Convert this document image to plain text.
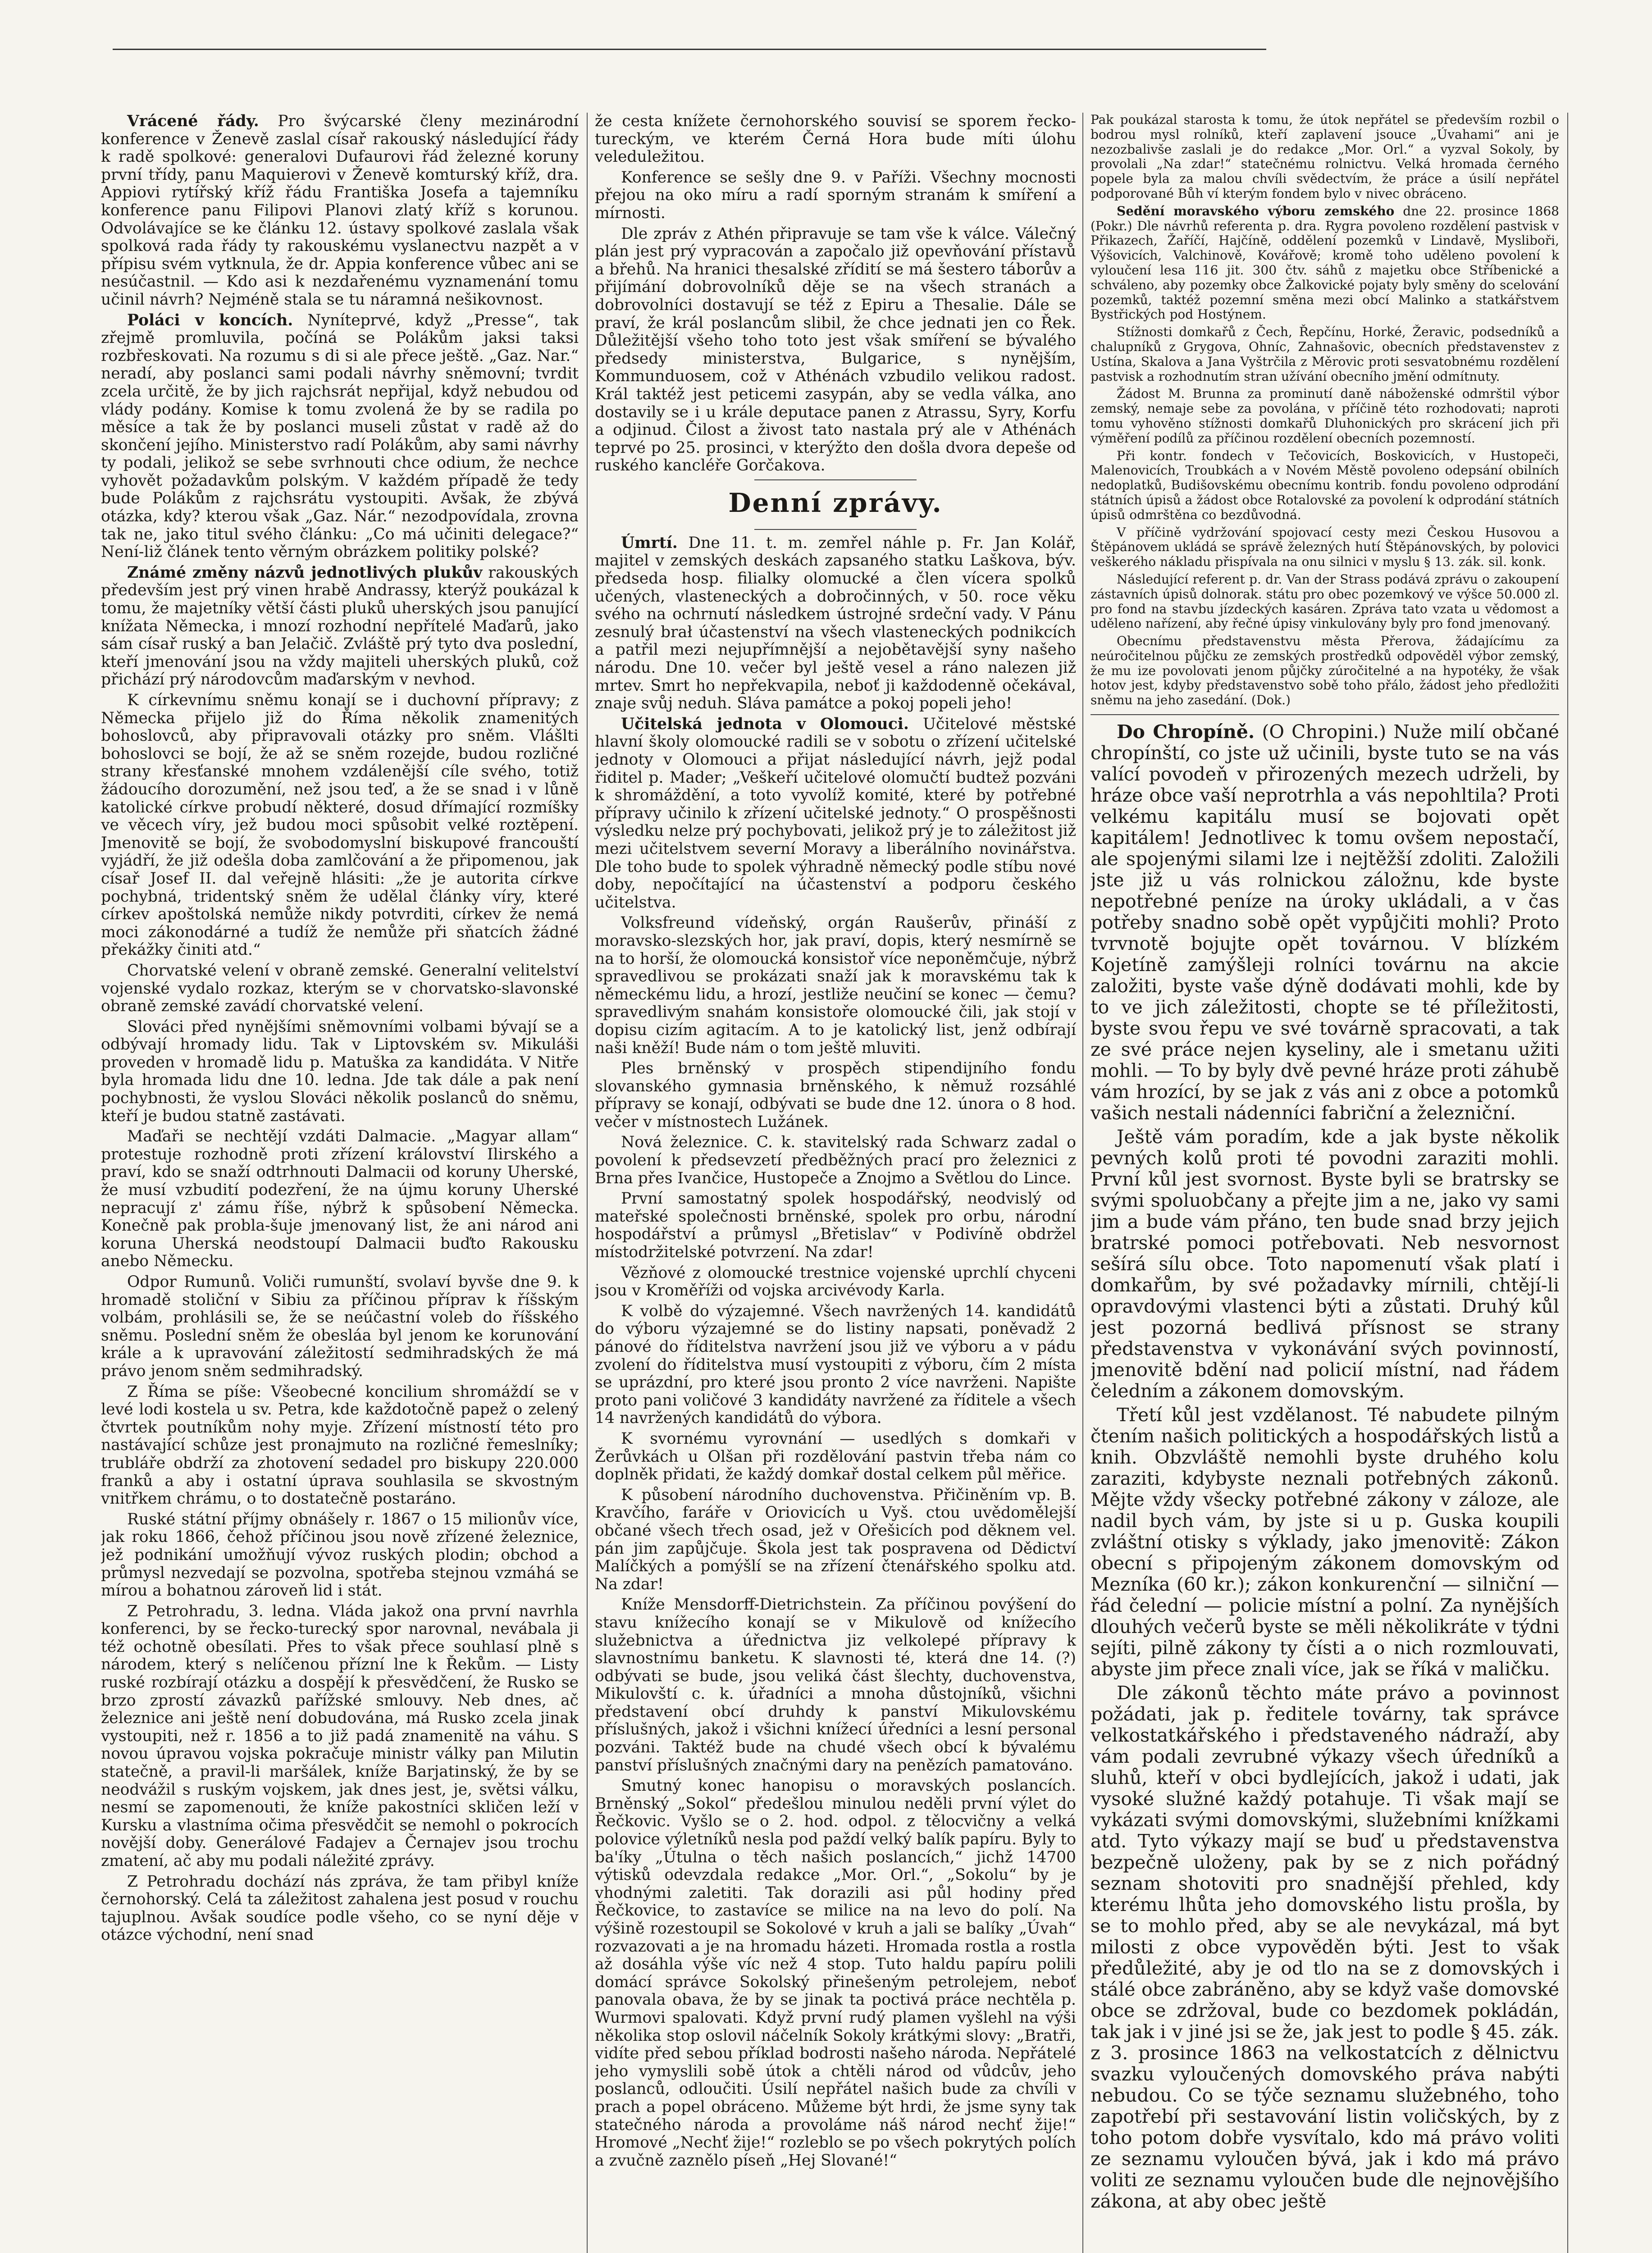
Vrácené řády. Pro švýcarské členy mezinárodní konference v Ženevě zaslal císař rakouský následující řády k radě spolkové: generalovi Dufaurovi řád železné koruny první třídy, panu Maquierovi v Ženevě komturský kříž, dra. Appiovi rytířský kříž řádu Františka Josefa a tajemníku konference panu Filipovi Planovi zlatý kříž s korunou. Odvolávajíce se ke článku 12. ústavy spolkové zaslala však spolková rada řády ty rakouskému vyslanectvu nazpět a v přípisu svém vytknula, že dr. Appia konference vůbec ani se nesúčastnil. — Kdo asi k nezdařenému vyznamenání tomu učinil návrh? Nejméně stala se tu náramná nešikovnost.

Poláci v koncích. Nyníteprvé, když „Presse“, tak zřejmě promluvila, počíná se Polákům jaksi taksi rozbřeskovati. Na rozumu s di si ale přece ještě. „Gaz. Nar.“ neradí, aby poslanci sami podali návrhy sněmovní; tvrdit zcela určitě, že by jich rajchsrát nepřijal, když nebudou od vlády podány. Komise k tomu zvolená že by se radila po měsíce a tak že by poslanci museli zůstat v radě až do skončení jejího. Ministerstvo radí Polákům, aby sami návrhy ty podali, jelikož se sebe svrhnouti chce odium, že nechce vyhovět požadavkům polským. V každém případě že tedy bude Polákům z rajchsrátu vystoupiti. Avšak, že zbývá otázka, kdy? kterou však „Gaz. Nár.“ nezodpovídala, zrovna tak ne, jako titul svého článku: „Co má učiniti delegace?“ Není-liž článek tento věrným obrázkem politiky polské?

Známé změny názvů jednotlivých plukův rakouských především jest prý vinen hrabě Andrassy, kterýž poukázal k tomu, že majetníky větší části pluků uherských jsou panující knížata Německa, i mnozí rozhodní nepřítelé Maďarů, jako sám císař ruský a ban Jelačič. Zvláště prý tyto dva poslední, kteří jmenování jsou na vždy majiteli uherských pluků, což přichází prý národovcům maďarským v nevhod.

K církevnímu sněmu konají se i duchovní přípravy; z Německa přijelo již do Říma několik znamenitých bohoslovců, aby připravovali otázky pro sněm. Vlášlti bohoslovci se bojí, že až se sněm rozejde, budou rozličné strany křesťanské mnohem vzdálenější cíle svého, totiž žádoucího dorozumění, než jsou teď, a že se snad i v lůně katolické církve probudí některé, dosud dřímající rozmíšky ve věcech víry, jež budou moci spůsobit velké roztěpení. Jmenovitě se bojí, že svobodomyslní biskupové francouští vyjádří, že již odešla doba zamlčování a že připomenou, jak císař Josef II. dal veřejně hlásiti: „že je autorita církve pochybná, tridentský sněm že udělal články víry, které církev apoštolská nemůže nikdy potvrditi, církev že nemá moci zákonodárné a tudíž že nemůže při sňatcích žádné překážky činiti atd.“

Chorvatské velení v obraně zemské. Generalní velitelství vojenské vydalo rozkaz, kterým se v chorvatsko-slavonské obraně zemské zavádí chorvatské velení.

Slováci před nynějšími sněmovními volbami bývají se a odbývají hromady lidu. Tak v Liptovském sv. Mikuláši proveden v hromadě lidu p. Matuška za kandidáta. V Nitře byla hromada lidu dne 10. ledna. Jde tak dále a pak není pochybnosti, že vyslou Slováci několik poslanců do sněmu, kteří je budou statně zastávati.

Maďaři se nechtějí vzdáti Dalmacie. „Magyar allam“ protestuje rozhodně proti zřízení království Ilirského a praví, kdo se snaží odtrhnouti Dalmacii od koruny Uherské, že musí vzbudití podezření, že na újmu koruny Uherské nepracují z' zámu říše, nýbrž k spůsobení Německa. Konečně pak probla-šuje jmenovaný list, že ani národ ani koruna Uherská neodstoupí Dalmacii buďto Rakousku anebo Německu.

Odpor Rumunů. Voliči rumunští, svolaví byvše dne 9. k hromadě stoliční v Sibiu za příčinou příprav k říšským volbám, prohlásili se, že se neúčastní voleb do říšského sněmu. Poslední sněm že obesláa byl jenom ke korunování krále a k upravování záležitostí sedmihradských že má právo jenom sněm sedmihradský.

Z Říma se píše: Všeobecné koncilium shromáždí se v levé lodi kostela u sv. Petra, kde každotočně papež o zelený čtvrtek poutníkům nohy myje. Zřízení místností této pro nastávající schůze jest pronajmuto na rozličné řemeslníky; trubláře obdrží za zhotovení sedadel pro biskupy 220.000 franků a aby i ostatní úprava souhlasila se skvostným vnitřkem chrámu, o to dostatečně postaráno.

Ruské státní příjmy obnášely r. 1867 o 15 milionův více, jak roku 1866, čehož příčinou jsou nově zřízené železnice, jež podnikání umožňují vývoz ruských plodin; obchod a průmysl nezvedají se pozvolna, spotřeba stejnou vzmáhá se mírou a bohatnou zároveň lid i stát.

Z Petrohradu, 3. ledna. Vláda jakož ona první navrhla konferenci, by se řecko-turecký spor narovnal, nevábala ji též ochotně obesílati. Přes to však přece souhlasí plně s národem, který s nelíčenou přízní lne k Řekům. — Listy ruské rozbírají otázku a dospějí k přesvědčení, že Rusko se brzo zprostí závazků pařížské smlouvy. Neb dnes, ač železnice ani ještě není dobudována, má Rusko zcela jinak vystoupiti, než r. 1856 a to již padá znamenitě na váhu. S novou úpravou vojska pokračuje ministr války pan Milutin statečně, a pravil-li maršálek, kníže Barjatinský, že by se neodvážil s ruským vojskem, jak dnes jest, je, světsi válku, nesmí se zapomenouti, že kníže pakostníci skličen leží v Kursku a vlastníma očima přesvědčit se nemohl o pokrocích novější doby. Generálové Fadajev a Černajev jsou trochu zmatení, ač aby mu podali náležité zprávy.

Z Petrohradu dochází nás zpráva, že tam přibyl kníže černohorský. Celá ta záležitost zahalena jest posud v rouchu tajuplnou. Avšak soudíce podle všeho, co se nyní děje v otázce východní, není snad

že cesta knížete černohorského souvisí se sporem řecko-tureckým, ve kterém Černá Hora bude míti úlohu veleduležitou.

Konference se sešly dne 9. v Paříži. Všechny mocnosti přejou na oko míru a radí sporným stranám k smíření a mírnosti.

Dle zpráv z Athén připravuje se tam vše k válce. Válečný plán jest prý vypracován a započalo již opevňování přístavů a břehů. Na hranici thesalské zřídití se má šestero táborův a přijímání dobrovolníků děje se na všech stranách a dobrovolníci dostavují se též z Epiru a Thesalie. Dále se praví, že král poslancům slibil, že chce jednati jen co Řek. Důležitější všeho toho toto jest však smíření se bývalého předsedy ministerstva, Bulgarice, s nynějším, Kommunduosem, což v Athénách vzbudilo velikou radost. Král taktéž jest peticemi zasypán, aby se vedla válka, ano dostavily se i u krále deputace panen z Atrassu, Syry, Korfu a odjinud. Čilost a živost tato nastala prý ale v Athénách teprvé po 25. prosinci, v kterýžto den došla dvora depeše od ruského kancléře Gorčakova.

Denní zprávy.

Úmrtí. Dne 11. t. m. zemřel náhle p. Fr. Jan Kolář, majitel v zemských deskách zapsaného statku Laškova, býv. předseda hosp. filialky olomucké a člen vícera spolků učených, vlasteneckých a dobročinných, v 50. roce věku svého na ochrnutí následkem ústrojné srdeční vady. V Pánu zesnulý brał účastenství na všech vlasteneckých podnikcích a patřil mezi nejupřímnější a nejobětavější syny našeho národu. Dne 10. večer byl ještě vesel a ráno nalezen již mrtev. Smrt ho nepřekvapila, neboť ji každodenně očekával, znaje svůj neduh. Sláva památce a pokoj popeli jeho!

Učitelská jednota v Olomouci. Učitelové městské hlavní školy olomoucké radili se v sobotu o zřízení učitelské jednoty v Olomouci a přijat následující návrh, jejž podal řiditel p. Mader; „Veškeří učitelové olomučtí budtež pozváni k shromáždění, a toto vyvolíž komité, které by potřebné přípravy učinilo k zřízení učitelské jednoty.“ O prospěšnosti výsledku nelze prý pochybovati, jelikož prý je to záležitost již mezi učitelstvem severní Moravy a liberálního novinářstva. Dle toho bude to spolek výhradně německý podle stíbu nové doby, nepočítající na účastenství a podporu českého učitelstva.

Volksfreund vídeňský, orgán Raušerův, přináší z moravsko-slezských hor, jak praví, dopis, který nesmírně se na to horší, že olomoucká konsistoř více neponěmčuje, nýbrž spravedlivou se prokázati snaží jak k moravskému tak k německému lidu, a hrozí, jestliže neučiní se konec — čemu? spravedlivým snahám konsistoře olomoucké čili, jak stojí v dopisu cizím agitacím. A to je katolický list, jenž odbírají naši kněží! Bude nám o tom ještě mluviti.

Ples brněnský v prospěch stipendijního fondu slovanského gymnasia brněnského, k němuž rozsáhlé přípravy se konají, odbývati se bude dne 12. února o 8 hod. večer v místnostech Lužánek.

Nová železnice. C. k. stavitelský rada Schwarz zadal o povolení k předsevzetí předběžných prací pro železnici z Brna přes Ivančice, Hustopeče a Znojmo a Světlou do Lince.

První samostatný spolek hospodářský, neodvislý od mateřské společnosti brněnské, spolek pro orbu, národní hospodářství a průmysl „Břetislav“ v Podivíně obdržel místodržitelské potvrzení. Na zdar!

Vězňové z olomoucké trestnice vojenské uprchlí chyceni jsou v Kroměříži od vojska arcivévody Karla.

K volbě do výzajemné. Všech navržených 14. kandidátů do výboru výzajemné se do listiny napsati, poněvadž 2 pánové do říditelstva navržení jsou již ve výboru a v pádu zvolení do říditelstva musí vystoupiti z výboru, čím 2 místa se uprázdní, pro které jsou pronto 2 více navrženi. Napište proto pani voličové 3 kandidáty navržené za říditele a všech 14 navržených kandidátů do výbora.

K svornému vyrovnání — usedlých s domkaři v Žerůvkách u Olšan při rozdělování pastvin třeba nám co doplněk přidati, že každý domkař dostal celkem půl měřice.

K působení národního duchovenstva. Přičiněním vp. B. Kravčího, faráře v Oriovicích u Vyš. ctou uvědomělejší občané všech třech osad, jež v Ořešicích pod děknem vel. pán jim zapůjčuje. Škola jest tak pospravena od Dědictví Malíčkých a pomýšlí se na zřízení čtenářského spolku atd. Na zdar!

Kníže Mensdorff-Dietrichstein. Za příčinou povýšení do stavu knížecího konají se v Mikulově od knížecího služebnictva a úřednictva jiz velkolepé přípravy k slavnostnímu banketu. K slavnosti té, která dne 14. (?) odbývati se bude, jsou veliká část šlechty, duchovenstva, Mikulovští c. k. úřadníci a mnoha důstojníků, všichni představení obcí druhdy k panství Mikulovskému příslušných, jakož i všichni knížecí úředníci a lesní personal pozváni. Taktéž bude na chudé všech obcí k bývalému panství příslušných značnými dary na penězích pamatováno.

Smutný konec hanopisu o moravských poslancích. Brněnský „Sokol“ předešlou minulou neděli první výlet do Řečkovic. Vyšlo se o 2. hod. odpol. z tělocvičny a velká polovice výletníků nesla pod paždí velký balík papíru. Byly to ba'íky „Útulna o těch našich poslancích,“ jichž 14700 výtisků odevzdala redakce „Mor. Orl.“, „Sokolu“ by je vhodnými zaletiti. Tak dorazili asi půl hodiny před Řečkovice, to zastavíce se milice na na levo do polí. Na výšině rozestoupil se Sokolové v kruh a jali se balíky „Úvah“ rozvazovati a je na hromadu házeti. Hromada rostla a rostla až dosáhla výše víc než 4 stop. Tuto haldu papíru polili domácí správce Sokolský přinešeným petrolejem, neboť panovala obava, že by se jinak ta poctivá práce nechtěla p. Wurmovi spalovati. Když první rudý plamen vyšlehl na výši několika stop oslovil náčelník Sokoly krátkými slovy: „Bratři, vidíte před sebou příklad bodrosti našeho národa. Nepřátelé jeho vymyslili sobě útok a chtěli národ od vůdcův, jeho poslanců, odloučiti. Úsilí nepřátel našich bude za chvíli v prach a popel obráceno. Můžeme být hrdi, že jsme syny tak statečného národa a provoláme náš národ nechť žije!“ Hromové „Nechť žije!“ rozleblo se po všech pokrytých polích a zvučně zaznělo píseň „Hej Slované!“

Pak poukázal starosta k tomu, že útok nepřátel se především rozbil o bodrou mysl rolníků, kteří zaplavení jsouce „Úvahami“ ani je nezozbalivše zaslali je do redakce „Mor. Orl.“ a vyzval Sokoly, by provolali „Na zdar!“ statečnému rolnictvu. Velká hromada černého popele byla za malou chvíli svědectvím, že práce a úsilí nepřátel podporované Bůh ví kterým fondem bylo v nivec obráceno.

Sedění moravského výboru zemského dne 22. prosince 1868 (Pokr.) Dle návrhů referenta p. dra. Rygra povoleno rozdělení pastvisk v Přikazech, Žaříčí, Hajčíně, oddělení pozemků v Lindavě, Mysliboři, Výšovicích, Valchinově, Kovářově; kromě toho uděleno povolení k vyloučení lesa 116 jit. 300 čtv. sáhů z majetku obce Stříbenické a schváleno, aby pozemky obce Žalkovické pojaty byly směny do scelování pozemků, taktéž pozemní směna mezi obcí Malinko a statkářstvem Bystřických pod Hostýnem.

Stížnosti domkařů z Čech, Řepčínu, Horké, Žeravic, podsedníků a chalupníků z Grygova, Ohníc, Zahnašovic, obecních představenstev z Ustína, Skalova a Jana Vyštrčila z Měrovic proti sesvatobnému rozdělení pastvisk a rozhodnutím stran užívání obecního jmění odmítnuty.

Žádost M. Brunna za prominutí daně náboženské odmrštil výbor zemský, nemaje sebe za povolána, v příčině této rozhodovati; naproti tomu vyhověno stížnosti domkařů Dluhonických pro skrácení jich při výměření podílů za příčinou rozdělení obecních pozemností.

Při kontr. fondech v Tečovicích, Boskovicích, v Hustopeči, Malenovicích, Troubkách a v Novém Městě povoleno odepsání obilních nedoplatků, Budišovskému obecnímu kontrib. fondu povoleno odprodání státních úpisů a žádost obce Rotalovské za povolení k odprodání státních úpisů odmrštěna co bezdůvodná.

V příčině vydržování spojovací cesty mezi Českou Husovou a Štěpánovem ukládá se správě železných hutí Štěpánovských, by polovici veškerého nákladu přispívala na onu silnici v myslu § 13. zák. sil. konk.

Následující referent p. dr. Van der Strass podává zprávu o zakoupení zástavních úpisů dolnorak. státu pro obec pozemkový ve výšce 50.000 zl. pro fond na stavbu jízdeckých kasáren. Zpráva tato vzata u vědomost a uděleno nařízení, aby řečné úpisy vinkulovány byly pro fond jmenovaný.

Obecnímu představenstvu města Přerova, žádajícímu za neúročitelnou půjčku ze zemských prostředků odpověděl výbor zemský, že mu ize povolovati jenom půjčky zúročitelné a na hypotéky, že však hotov jest, kdyby představenstvo sobě toho přálo, žádost jeho předložiti sněmu na jeho zasedání. (Dok.)

Do Chropíně. (O Chropini.) Nuže milí občané chropínští, co jste už učinili, byste tuto se na vás valící povodeň v přirozených mezech udrželi, by hráze obce vaší neprotrhla a vás nepohltila? Proti velkému kapitálu musí se bojovati opět kapitálem! Jednotlivec k tomu ovšem nepostačí, ale spojenými silami lze i nejtěžší zdoliti. Založili jste již u vás rolnickou záložnu, kde byste nepotřebné peníze na úroky ukládali, a v čas potřeby snadno sobě opět vypůjčiti mohli? Proto tvrvnotě bojujte opět továrnou. V blízkém Kojetíně zamýšleji rolníci továrnu na akcie založiti, byste vaše dýně dodávati mohli, kde by to ve jich záležitosti, chopte se té příležitosti, byste svou řepu ve své továrně spracovati, a tak ze své práce nejen kyseliny, ale i smetanu užiti mohli. — To by byly dvě pevné hráze proti záhubě vám hrozící, by se jak z vás ani z obce a potomků vašich nestali nádenníci fabriční a železniční.

Ještě vám poradím, kde a jak byste několik pevných kolů proti té povodni zaraziti mohli. První kůl jest svornost. Byste byli se bratrsky se svými spoluobčany a přejte jim a ne, jako vy sami jim a bude vám přáno, ten bude snad brzy jejich bratrské pomoci potřebovati. Neb nesvornost sešírá sílu obce. Toto napomenutí však platí i domkařům, by své požadavky mírnili, chtějí-li opravdovými vlastenci býti a zůstati. Druhý kůl jest pozorná bedlivá přísnost se strany představenstva v vykonávání svých povinností, jmenovitě bdění nad policií místní, nad řádem čeledním a zákonem domovským.

Třetí kůl jest vzdělanost. Té nabudete pilným čtením našich politických a hospodářských listů a knih. Obzvláště nemohli byste druhého kolu zaraziti, kdybyste neznali potřebných zákonů. Mějte vždy všecky potřebné zákony v záloze, ale nadil bych vám, by jste si u p. Guska koupili zvláštní otisky s výklady, jako jmenovitě: Zákon obecní s připojeným zákonem domovským od Mezníka (60 kr.); zákon konkurenční — silniční — řád čelední — policie místní a polní. Za nynějších dlouhých večerů byste se měli několikráte v týdni sejíti, pilně zákony ty čísti a o nich rozmlouvati, abyste jim přece znali více, jak se říká v maličku.

Dle zákonů těchto máte právo a povinnost požádati, jak p. ředitele továrny, tak správce velkostatkářského i představeného nádraží, aby vám podali zevrubné výkazy všech úředníků a sluhů, kteří v obci bydlejících, jakož i udati, jak vysoké služné každý potahuje. Ti však mají se vykázati svými domovskými, služebními knížkami atd. Tyto výkazy mají se buď u představenstva bezpečně uloženy, pak by se z nich pořádný seznam shotoviti pro snadnější přehled, kdy kterému lhůta jeho domovského listu prošla, by se to mohlo před, aby se ale nevykázal, má byt milosti z obce vypověděn býti. Jest to však předůležité, aby je od tlo na se z domovských i stálé obce zabráněno, aby se když vaše domovské obce se zdržoval, bude co bezdomek pokládán, tak jak i v jiné jsi se že, jak jest to podle § 45. zák. z 3. prosince 1863 na velkostatcích z dělnictvu svazku vyloučených domovského práva nabýti nebudou. Co se týče seznamu služebného, toho zapotřebí při sestavování listin voličských, by z toho potom dobře vysvítalo, kdo má právo voliti ze seznamu vyloučen bývá, jak i kdo má právo voliti ze seznamu vyloučen bude dle nejnovějšího zákona, at aby obec ještě
